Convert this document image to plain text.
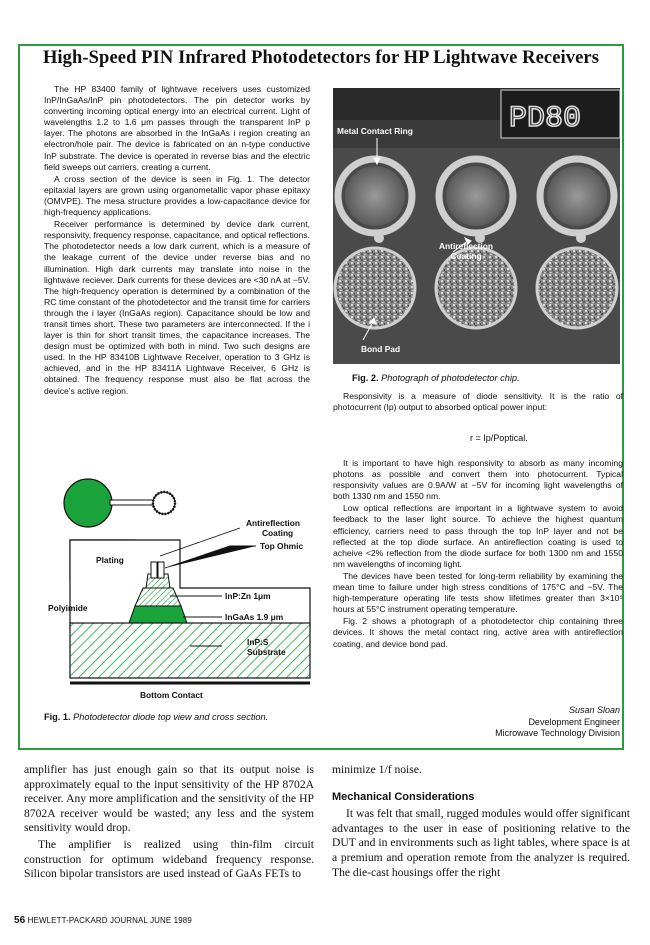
High-Speed PIN Infrared Photodetectors for HP Lightwave Receivers

The HP 83400 family of lightwave receivers uses customized InP/InGaAs/InP pin photodetectors. The pin detector works by converting incoming optical energy into an electrical current. Light of wavelengths 1.2 to 1.6 μm passes through the transparent InP p layer. The photons are absorbed in the InGaAs i region creating an electron/hole pair. The device is fabricated on an n-type conductive InP substrate. The device is operated in reverse bias and the electric field sweeps out carriers, creating a current.

A cross section of the device is seen in Fig. 1. The detector epitaxial layers are grown using organometallic vapor phase epitaxy (OMVPE). The mesa structure provides a low-capacitance device for high-frequency applications.

Receiver performance is determined by device dark current, responsivity, frequency response, capacitance, and optical reflections. The photodetector needs a low dark current, which is a measure of the leakage current of the device under reverse bias and no illumination. High dark currents may translate into noise in the lightwave reciever. Dark currents for these devices are <30 nA at −5V. The high-frequency operation is determined by a combination of the RC time constant of the photodetector and the transit time for carriers through the i layer (InGaAs region). Capacitance should be low and transit times short. These two parameters are interconnected. If the i layer is thin for short transit times, the capacitance increases. The design must be optimized with both in mind. Two such designs are used. In the HP 83410B Lightwave Receiver, operation to 3 GHz is achieved, and in the HP 83411A Lightwave Receiver, 6 GHz is obtained. The frequency response must also be flat across the device's active region.

PD80
Metal Contact Ring
Antireflection
Coating
Bond Pad
Fig. 2. Photograph of photodetector chip.

Responsivity is a measure of diode sensitivity. It is the ratio of photocurrent (Ip) output to absorbed optical power input:

r = Ip/Poptical.

It is important to have high responsivity to absorb as many incoming photons as possible and convert them into photocurrent. Typical responsivity values are 0.9A/W at −5V for incoming light wavelengths of both 1330 nm and 1550 nm.

Low optical reflections are important in a lightwave system to avoid feedback to the laser light source. To achieve the highest quantum efficiency, carriers need to pass through the top InP layer and not be reflected at the top diode surface. An antireflection coating is used to acheive <2% reflection from the diode surface for both 1300 nm and 1550 nm wavelengths of incoming light.

The devices have been tested for long-term reliability by examining the mean time to failure under high stress conditions of 175°C and −5V. The high-temperature operating life tests show lifetimes greater than 3×10⁵ hours at 55°C instrument operating temperature.

Fig. 2 shows a photograph of a photodetector chip containing three devices. It shows the metal contact ring, active area with antireflection coating, and device bond pad.

Antireflection
Coating
Top Ohmic
Plating
Polyimide
InP:Zn 1μm
InGaAs 1.9 μm
InP:S
Substrate
Bottom Contact
Fig. 1. Photodetector diode top view and cross section.
Susan Sloan
Development Engineer
Microwave Technology Division

amplifier has just enough gain so that its output noise is approximately equal to the input sensitivity of the HP 8702A receiver. Any more amplification and the sensitivity of the HP 8702A receiver would be wasted; any less and the system sensitivity would drop.

The amplifier is realized using thin-film circuit construction for optimum wideband frequency response. Silicon bipolar transistors are used instead of GaAs FETs to

minimize 1/f noise.

Mechanical Considerations

It was felt that small, rugged modules would offer significant advantages to the user in ease of positioning relative to the DUT and in environments such as light tables, where space is at a premium and operation remote from the analyzer is required. The die-cast housings offer the right

56 HEWLETT-PACKARD JOURNAL JUNE 1989
